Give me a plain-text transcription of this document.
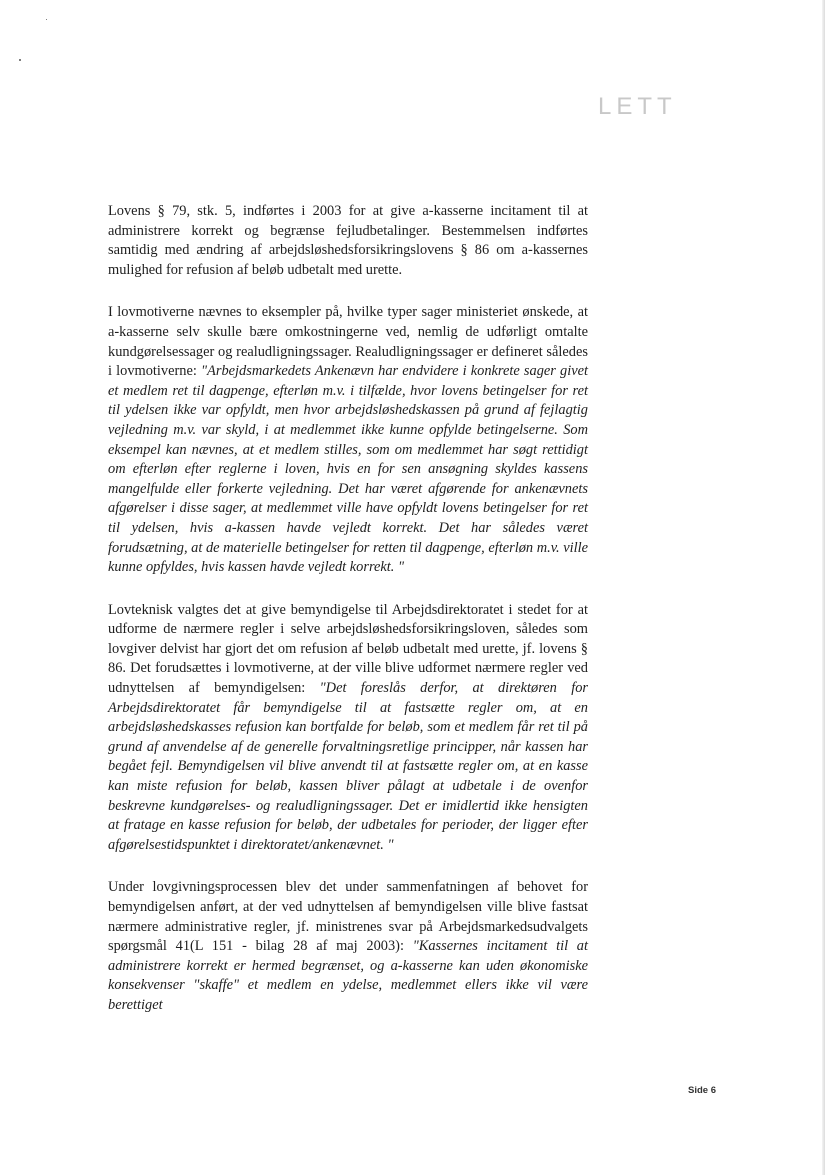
LETT

Lovens § 79, stk. 5, indførtes i 2003 for at give a-kasserne incitament til at administrere korrekt og begrænse fejludbetalinger. Bestemmelsen indførtes samtidig med ændring af arbejdsløshedsforsikringslovens § 86 om a-kassernes mulighed for refusion af beløb udbetalt med urette.

I lovmotiverne nævnes to eksempler på, hvilke typer sager ministeriet ønskede, at a-kasserne selv skulle bære omkostningerne ved, nemlig de udførligt omtalte kundgørelsessager og realudligningssager. Realudligningssager er defineret således i lovmotiverne: "Arbejdsmarkedets Ankenævn har endvidere i konkrete sager givet et medlem ret til dagpenge, efterløn m.v. i tilfælde, hvor lovens betingelser for ret til ydelsen ikke var opfyldt, men hvor arbejdsløshedskassen på grund af fejlagtig vejledning m.v. var skyld, i at medlemmet ikke kunne opfylde betingelserne. Som eksempel kan nævnes, at et medlem stilles, som om medlemmet har søgt rettidigt om efterløn efter reglerne i loven, hvis en for sen ansøgning skyldes kassens mangelfulde eller forkerte vejledning. Det har været afgørende for ankenævnets afgørelser i disse sager, at medlemmet ville have opfyldt lovens betingelser for ret til ydelsen, hvis a-kassen havde vejledt korrekt. Det har således været forudsætning, at de materielle betingelser for retten til dagpenge, efterløn m.v. ville kunne opfyldes, hvis kassen havde vejledt korrekt. "

Lovteknisk valgtes det at give bemyndigelse til Arbejdsdirektoratet i stedet for at udforme de nærmere regler i selve arbejdsløshedsforsikringsloven, således som lovgiver delvist har gjort det om refusion af beløb udbetalt med urette, jf. lovens § 86. Det forudsættes i lovmotiverne, at der ville blive udformet nærmere regler ved udnyttelsen af bemyndigelsen: "Det foreslås derfor, at direktøren for Arbejdsdirektoratet får bemyndigelse til at fastsætte regler om, at en arbejdsløshedskasses refusion kan bortfalde for beløb, som et medlem får ret til på grund af anvendelse af de generelle forvaltningsretlige principper, når kassen har begået fejl. Bemyndigelsen vil blive anvendt til at fastsætte regler om, at en kasse kan miste refusion for beløb, kassen bliver pålagt at udbetale i de ovenfor beskrevne kundgørelses- og realudligningssager. Det er imidlertid ikke hensigten at fratage en kasse refusion for beløb, der udbetales for perioder, der ligger efter afgørelsestidspunktet i direktoratet/ankenævnet. "

Under lovgivningsprocessen blev det under sammenfatningen af behovet for bemyndigelsen anført, at der ved udnyttelsen af bemyndigelsen ville blive fastsat nærmere administrative regler, jf. ministrenes svar på Arbejdsmarkedsudvalgets spørgsmål 41(L 151 - bilag 28 af maj 2003): "Kassernes incitament til at administrere korrekt er hermed begrænset, og a-kasserne kan uden økonomiske konsekvenser "skaffe" et medlem en ydelse, medlemmet ellers ikke vil være berettiget

Side 6
